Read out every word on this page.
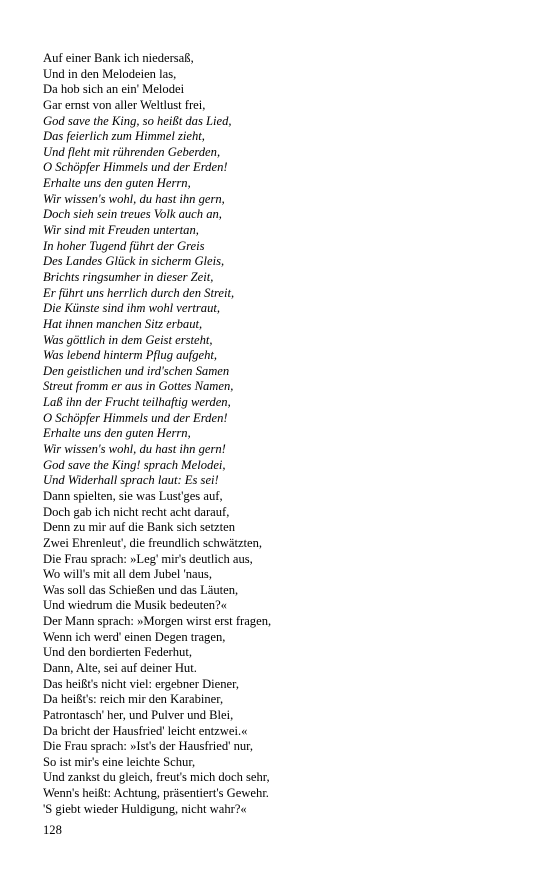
Auf einer Bank ich niedersaß,
Und in den Melodeien las,
Da hob sich an ein' Melodei
Gar ernst von aller Weltlust frei,
God save the King, so heißt das Lied,
Das feierlich zum Himmel zieht,
Und fleht mit rührenden Geberden,
O Schöpfer Himmels und der Erden!
Erhalte uns den guten Herrn,
Wir wissen's wohl, du hast ihn gern,
Doch sieh sein treues Volk auch an,
Wir sind mit Freuden untertan,
In hoher Tugend führt der Greis
Des Landes Glück in sicherm Gleis,
Brichts ringsumher in dieser Zeit,
Er führt uns herrlich durch den Streit,
Die Künste sind ihm wohl vertraut,
Hat ihnen manchen Sitz erbaut,
Was göttlich in dem Geist ersteht,
Was lebend hinterm Pflug aufgeht,
Den geistlichen und ird'schen Samen
Streut fromm er aus in Gottes Namen,
Laß ihn der Frucht teilhaftig werden,
O Schöpfer Himmels und der Erden!
Erhalte uns den guten Herrn,
Wir wissen's wohl, du hast ihn gern!
God save the King! sprach Melodei,
Und Widerhall sprach laut: Es sei!
Dann spielten, sie was Lust'ges auf,
Doch gab ich nicht recht acht darauf,
Denn zu mir auf die Bank sich setzten
Zwei Ehrenleut', die freundlich schwätzten,
Die Frau sprach: »Leg' mir's deutlich aus,
Wo will's mit all dem Jubel 'naus,
Was soll das Schießen und das Läuten,
Und wiedrum die Musik bedeuten?«
Der Mann sprach: »Morgen wirst erst fragen,
Wenn ich werd' einen Degen tragen,
Und den bordierten Federhut,
Dann, Alte, sei auf deiner Hut.
Das heißt's nicht viel: ergebner Diener,
Da heißt's: reich mir den Karabiner,
Patrontasch' her, und Pulver und Blei,
Da bricht der Hausfried' leicht entzwei.«
Die Frau sprach: »Ist's der Hausfried' nur,
So ist mir's eine leichte Schur,
Und zankst du gleich, freut's mich doch sehr,
Wenn's heißt: Achtung, präsentiert's Gewehr.
'S giebt wieder Huldigung, nicht wahr?«
128
